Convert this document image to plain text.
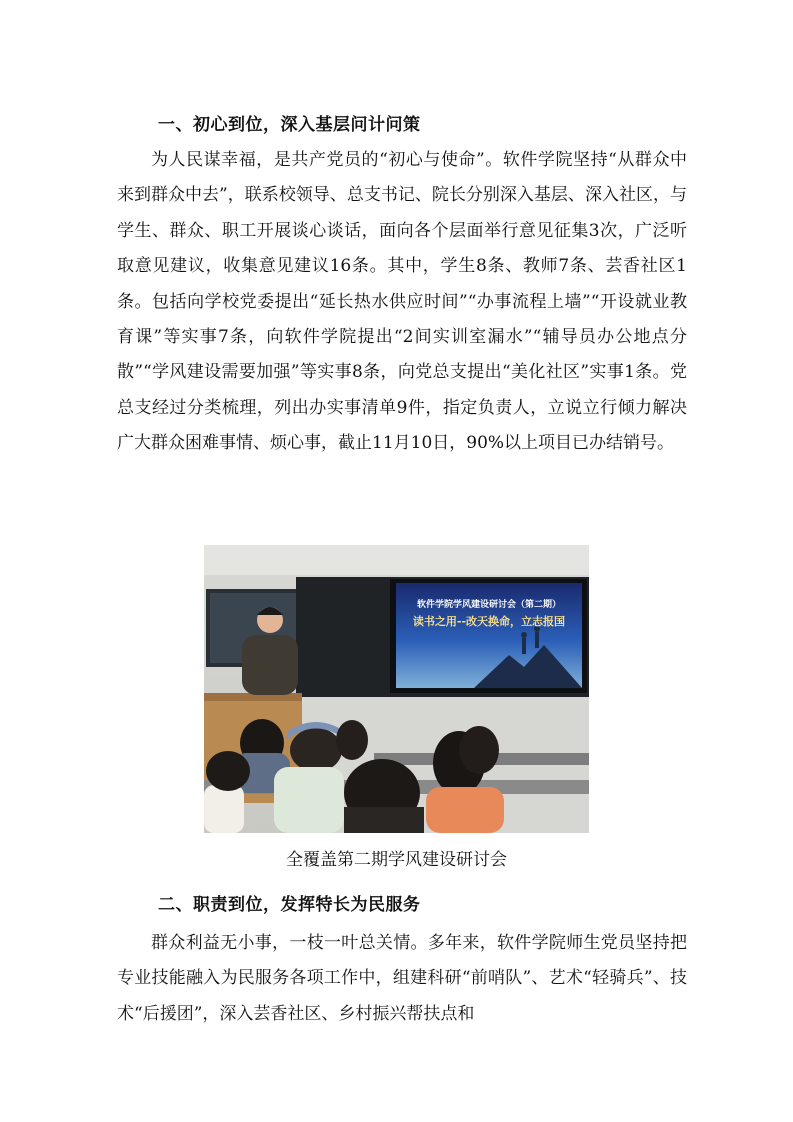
一、初心到位，深入基层问计问策

为人民谋幸福，是共产党员的“初心与使命”。软件学院坚持“从群众中来到群众中去”，联系校领导、总支书记、院长分别深入基层、深入社区，与学生、群众、职工开展谈心谈话，面向各个层面举行意见征集3次，广泛听取意见建议，收集意见建议16条。其中，学生8条、教师7条、芸香社区1条。包括向学校党委提出“延长热水供应时间”“办事流程上墙”“开设就业教育课”等实事7条，向软件学院提出“2间实训室漏水”“辅导员办公地点分散”“学风建设需要加强”等实事8条，向党总支提出“美化社区”实事1条。党总支经过分类梳理，列出办实事清单9件，指定负责人，立说立行倾力解决广大群众困难事情、烦心事，截止11月10日，90%以上项目已办结销号。

软件学院学风建设研讨会（第二期）
读书之用--改天换命，立志报国
全覆盖第二期学风建设研讨会
二、职责到位，发挥特长为民服务

群众利益无小事，一枝一叶总关情。多年来，软件学院师生党员坚持把专业技能融入为民服务各项工作中，组建科研“前哨队”、艺术“轻骑兵”、技术“后援团”，深入芸香社区、乡村振兴帮扶点和
